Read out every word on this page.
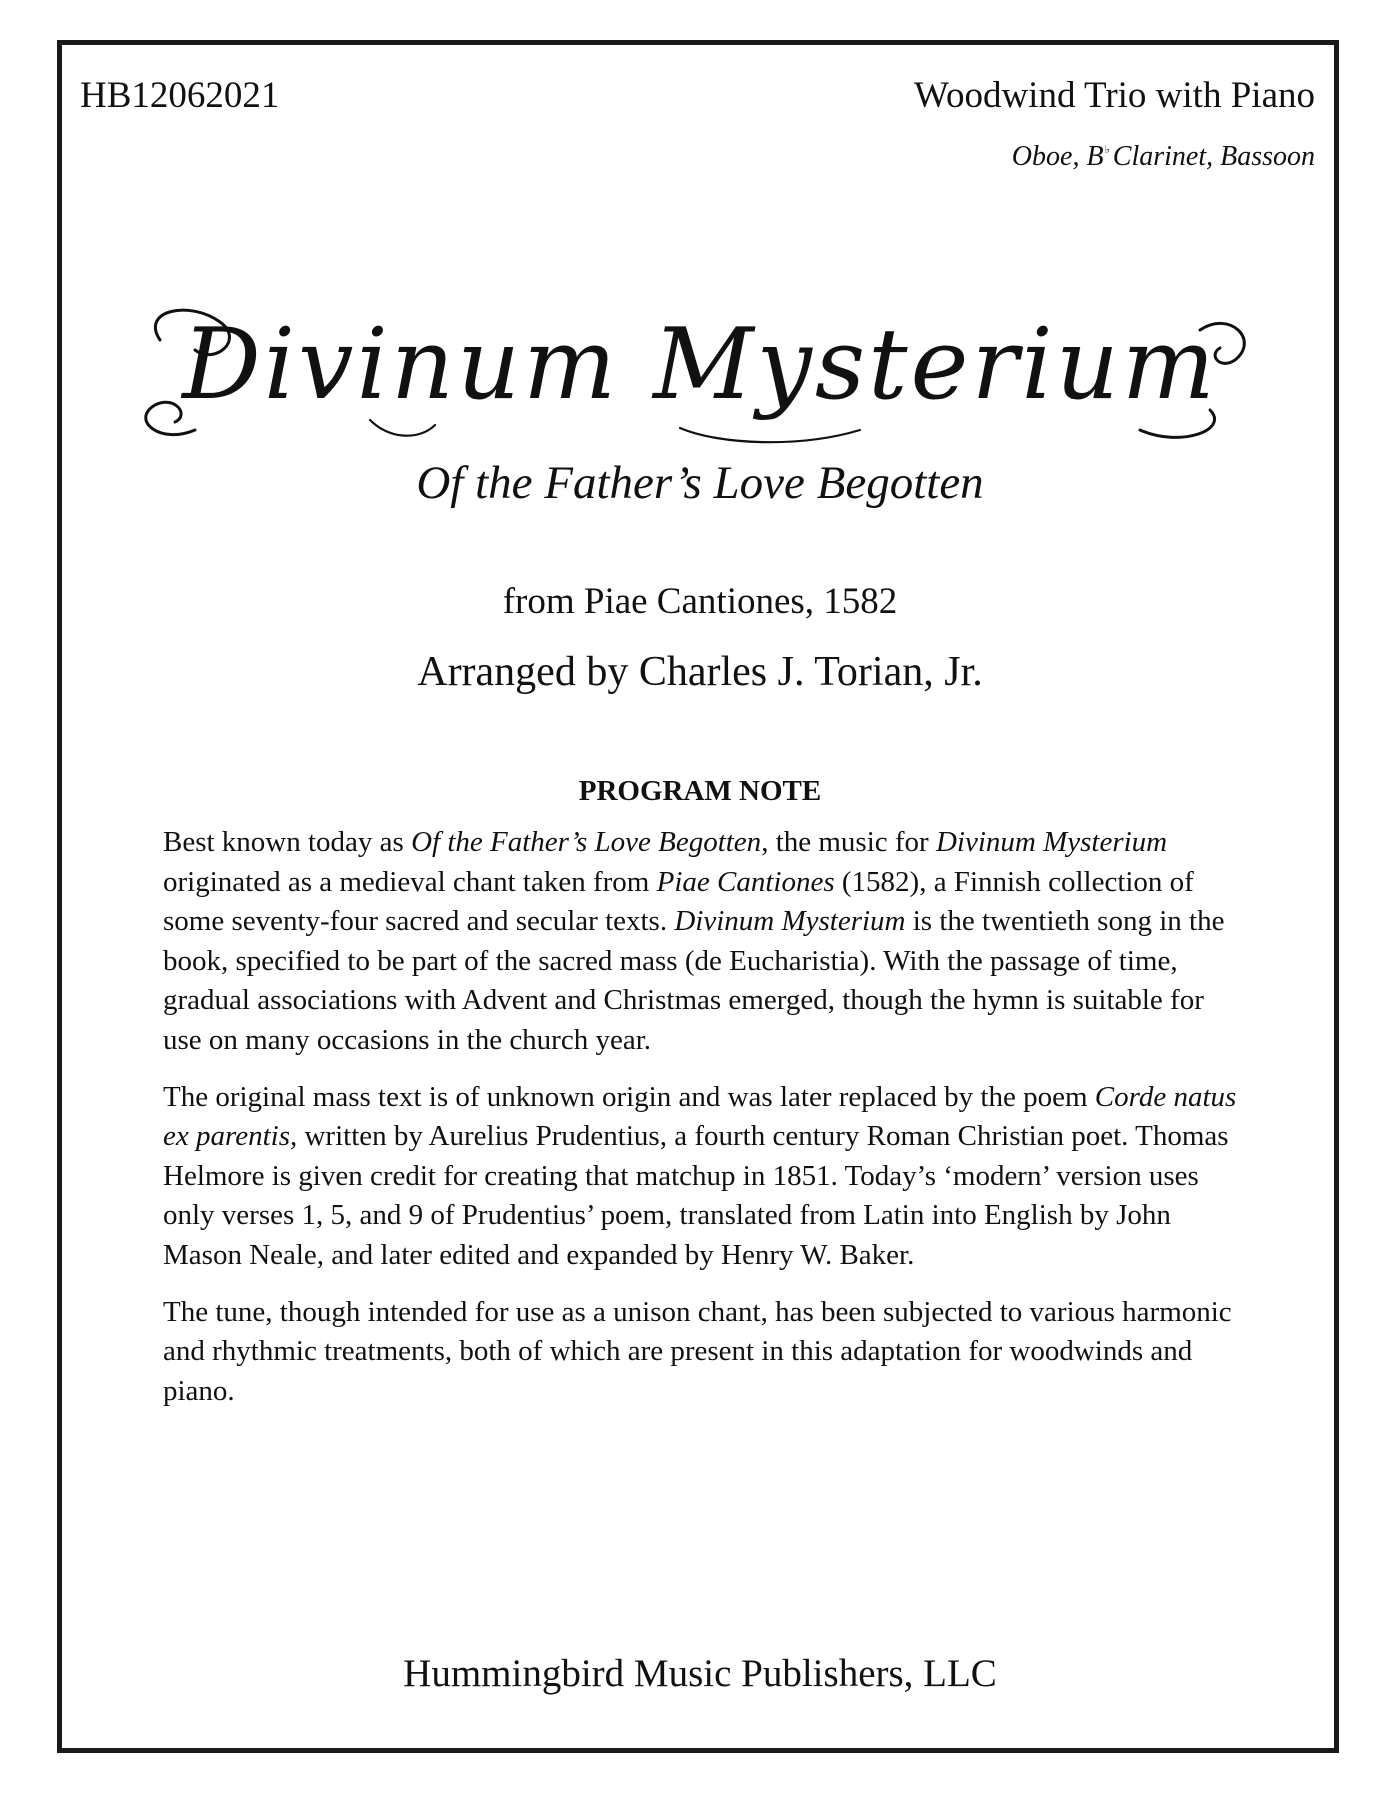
HB12062021	Woodwind Trio with Piano
Oboe, B♭ Clarinet, Bassoon
Divinum Mysterium
Of the Father’s Love Begotten
from Piae Cantiones, 1582
Arranged by Charles J. Torian, Jr.
PROGRAM NOTE

Best known today as Of the Father’s Love Begotten, the music for Divinum Mysterium originated as a medieval chant taken from Piae Cantiones (1582), a Finnish collection of some seventy-four sacred and secular texts. Divinum Mysterium is the twentieth song in the book, specified to be part of the sacred mass (de Eucharistia). With the passage of time, gradual associations with Advent and Christmas emerged, though the hymn is suitable for use on many occasions in the church year.

The original mass text is of unknown origin and was later replaced by the poem Corde natus ex parentis, written by Aurelius Prudentius, a fourth century Roman Christian poet. Thomas Helmore is given credit for creating that matchup in 1851. Today’s ‘modern’ version uses only verses 1, 5, and 9 of Prudentius’ poem, translated from Latin into English by John Mason Neale, and later edited and expanded by Henry W. Baker.

The tune, though intended for use as a unison chant, has been subjected to various harmonic and rhythmic treatments, both of which are present in this adaptation for woodwinds and piano.

Hummingbird Music Publishers, LLC
